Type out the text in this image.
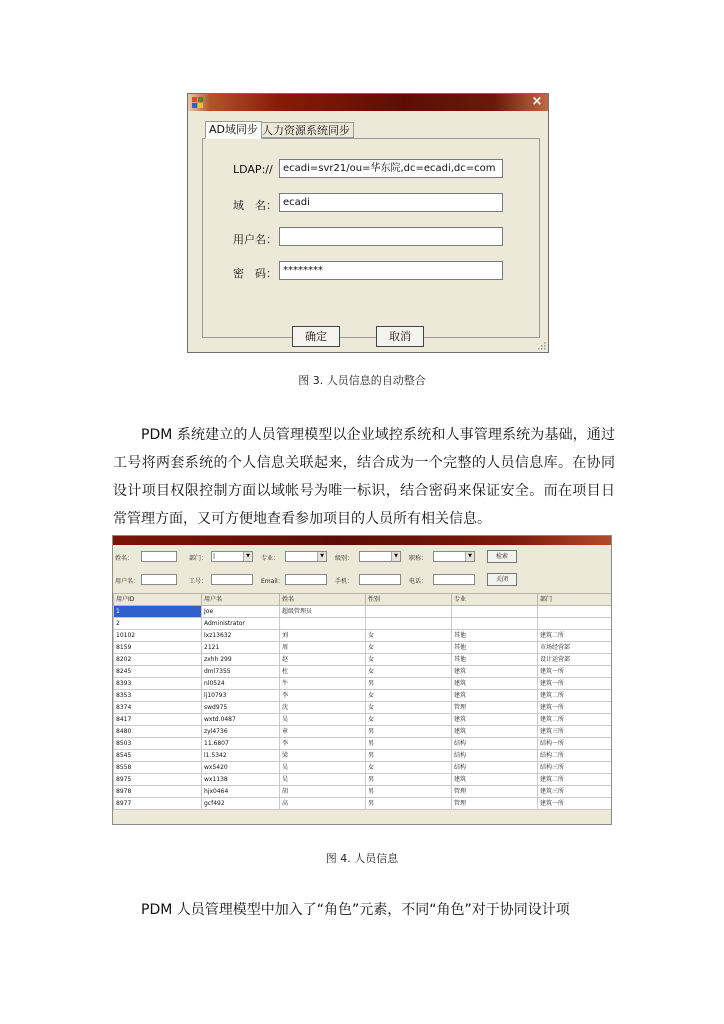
×
AD域同步 人力资源系统同步
LDAP://	ecadi=svr21/ou=华东院,dc=ecadi,dc=com
域　名： ecadi
用户名：
密　码： ********
确定	取消
图 3. 人员信息的自动整合

PDM 系统建立的人员管理模型以企业域控系统和人事管理系统为基础，通过工号将两套系统的个人信息关联起来，结合成为一个完整的人员信息库。在协同设计项目权限控制方面以域帐号为唯一标识，结合密码来保证安全。而在项目日常管理方面，又可方便地查看参加项目的人员所有相关信息。

姓名：	部门： |	▼	专业：	▼	级别：	▼	职称：	▼	检索
用户名：	工号：	Email：	手机：	电话：	关闭
用户ID	用户名	姓名	性别	专业	部门
1	Joe	超级管理员			
2	Administrator				
10102	lxz13632	刘	女	其他	建筑二所
8159	2121	周	女	其他	市场经营部
8202	zxhh 299	赵	女	其他	设计运营部
8245	dml7355	杜	女	建筑	建筑一所
8393	nl0524	牛	男	建筑	建筑一所
8353	lj10793	李	女	建筑	建筑二所
8374	swd975	沈	女	管理	建筑一所
8417	wxtd.0487	吴	女	建筑	建筑二所
8480	zyl4736	章	男	建筑	建筑三所
8503	11.6807	李	男	结构	结构一所
8545	l1.5342	梁	男	结构	结构二所
8558	wx5420	吴	女	结构	结构三所
8975	wx1138	吴	男	建筑	建筑二所
8978	hjx0464	胡	男	管理	建筑三所
8977	gcf492	高	男	管理	建筑一所
图 4. 人员信息

PDM 人员管理模型中加入了“角色”元素，不同“角色”对于协同设计项
